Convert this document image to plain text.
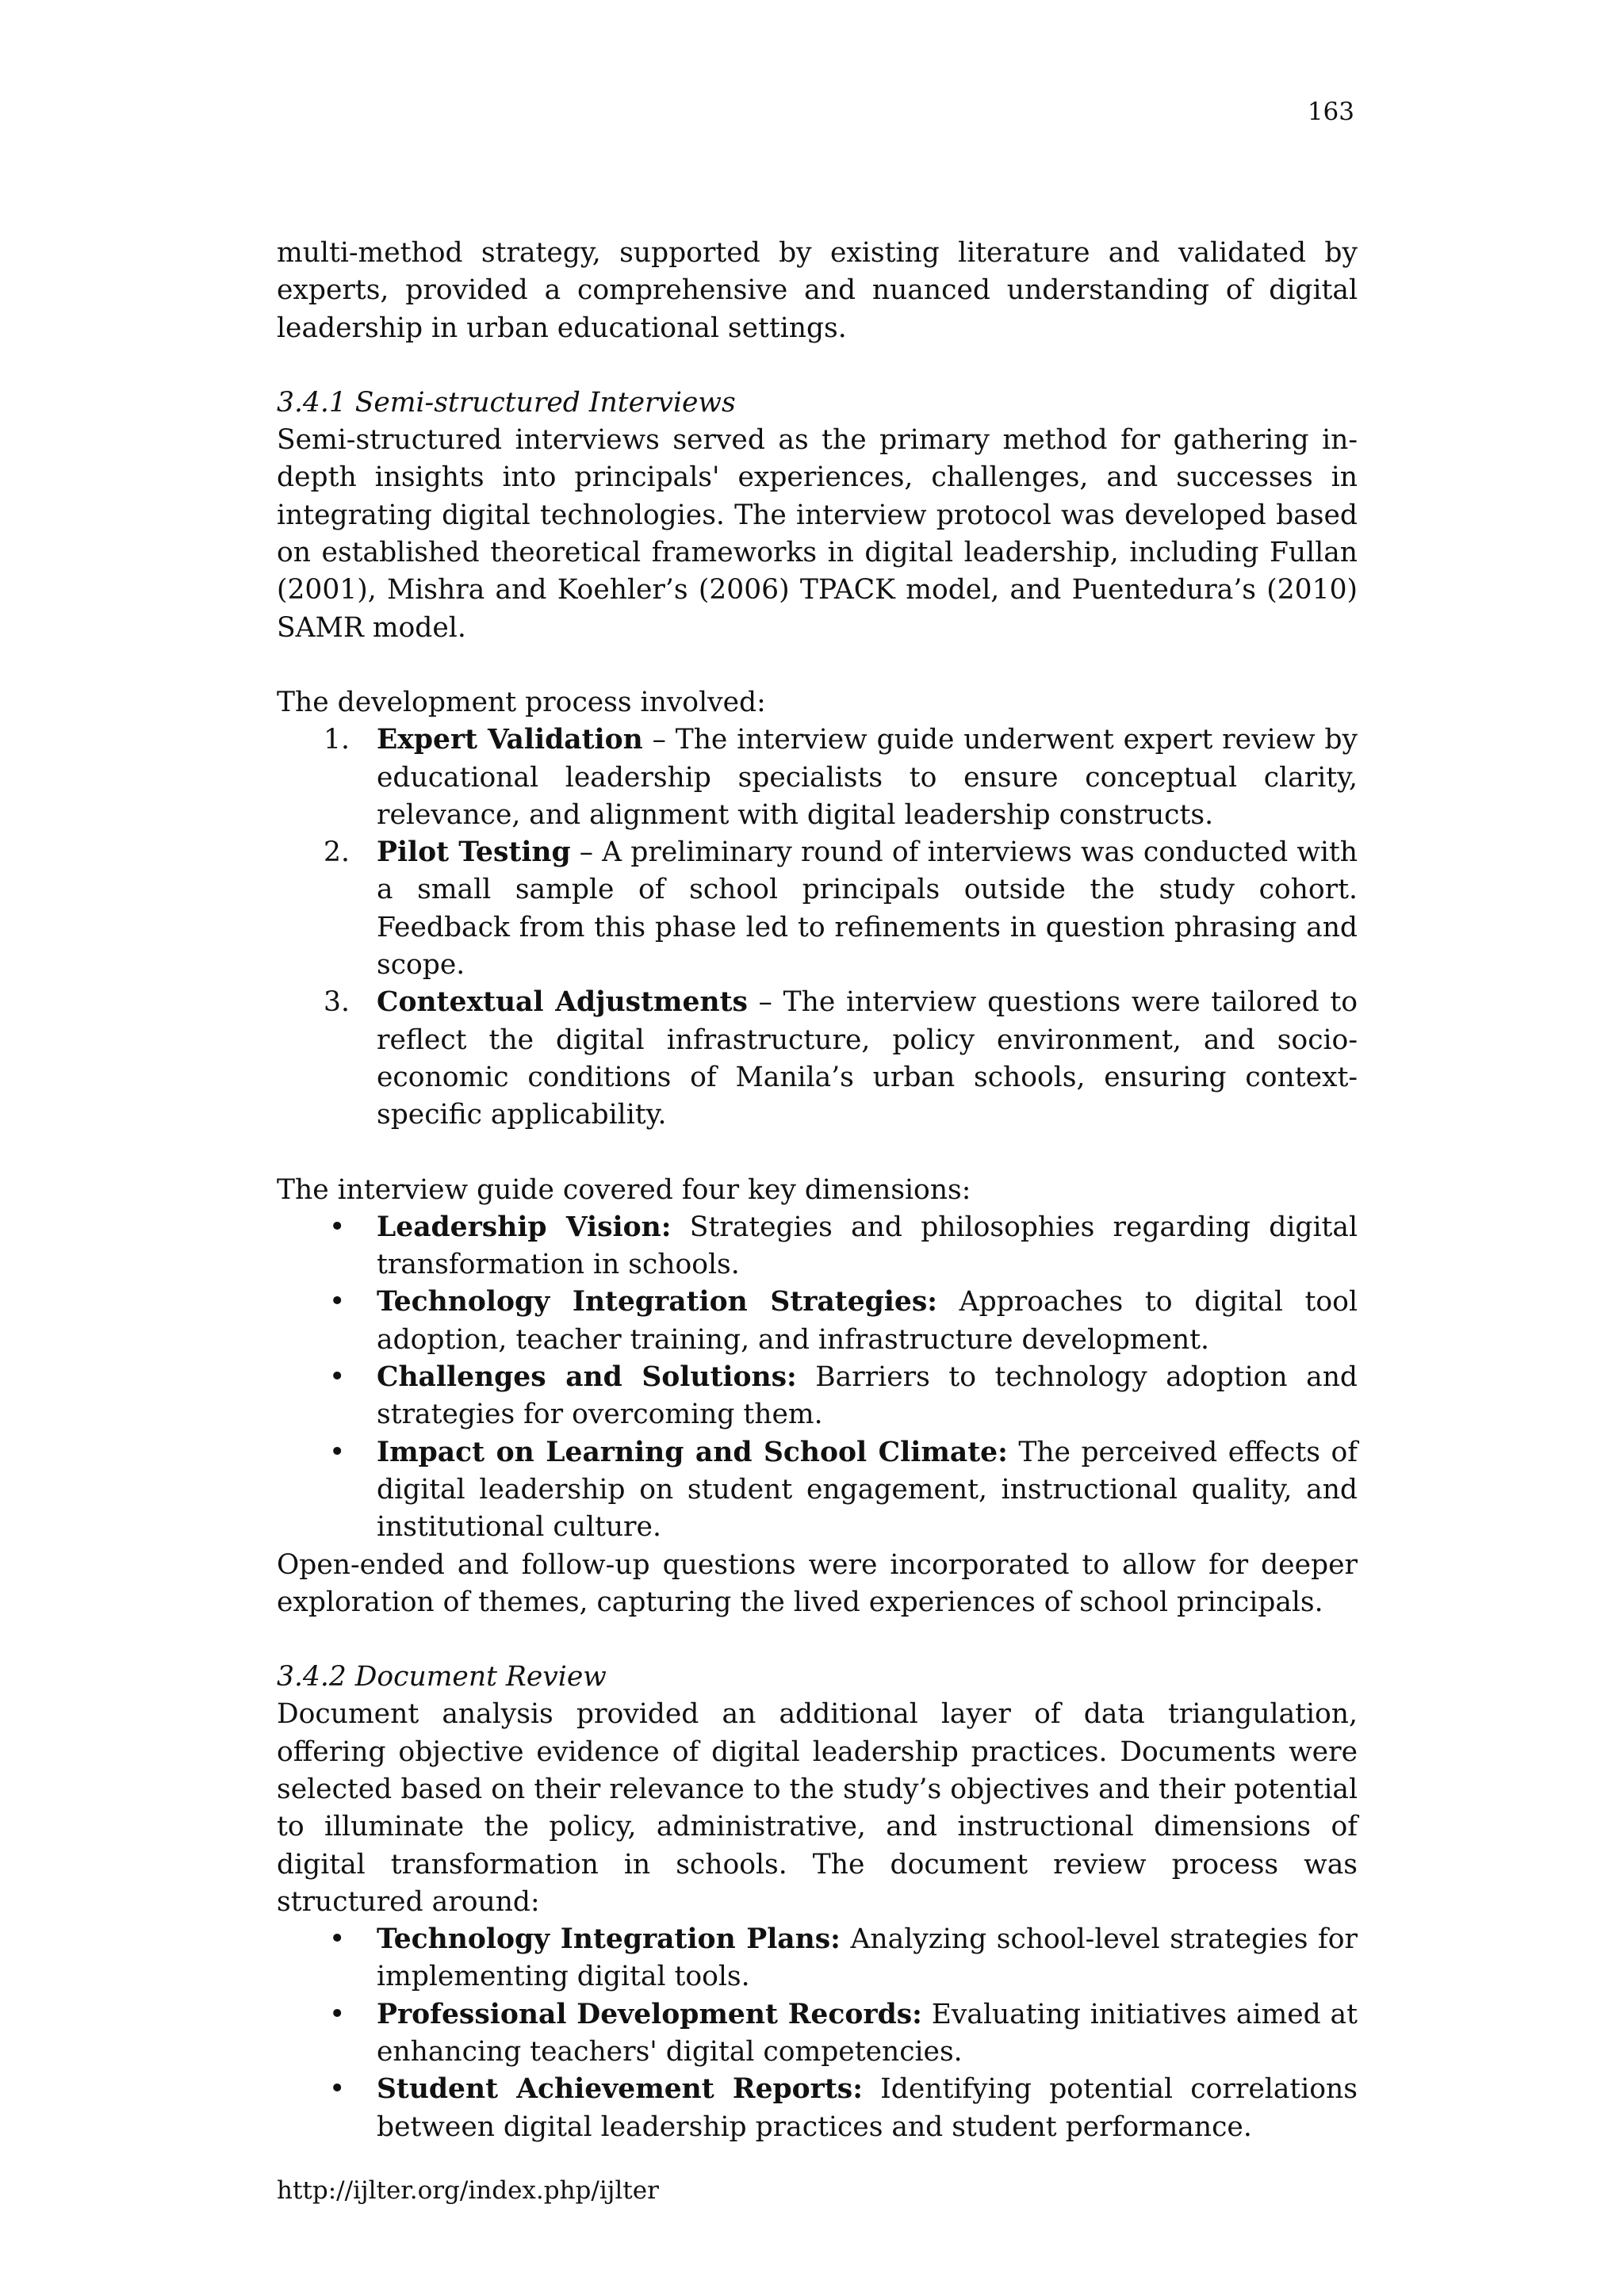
163

multi-method strategy, supported by existing literature and validated by experts, provided a comprehensive and nuanced understanding of digital leadership in urban educational settings.

3.4.1 Semi-structured Interviews

Semi-structured interviews served as the primary method for gathering in-depth insights into principals' experiences, challenges, and successes in integrating digital technologies. The interview protocol was developed based on established theoretical frameworks in digital leadership, including Fullan (2001), Mishra and Koehler’s (2006) TPACK model, and Puentedura’s (2010) SAMR model.

The development process involved:

1. Expert Validation – The interview guide underwent expert review by educational leadership specialists to ensure conceptual clarity, relevance, and alignment with digital leadership constructs.
2. Pilot Testing – A preliminary round of interviews was conducted with a small sample of school principals outside the study cohort. Feedback from this phase led to refinements in question phrasing and scope.
3. Contextual Adjustments – The interview questions were tailored to reflect the digital infrastructure, policy environment, and socio-economic conditions of Manila’s urban schools, ensuring context-specific applicability.

The interview guide covered four key dimensions:

• Leadership Vision: Strategies and philosophies regarding digital transformation in schools.
• Technology Integration Strategies: Approaches to digital tool adoption, teacher training, and infrastructure development.
• Challenges and Solutions: Barriers to technology adoption and strategies for overcoming them.
• Impact on Learning and School Climate: The perceived effects of digital leadership on student engagement, instructional quality, and institutional culture.

Open-ended and follow-up questions were incorporated to allow for deeper exploration of themes, capturing the lived experiences of school principals.

3.4.2 Document Review

Document analysis provided an additional layer of data triangulation, offering objective evidence of digital leadership practices. Documents were selected based on their relevance to the study’s objectives and their potential to illuminate the policy, administrative, and instructional dimensions of digital transformation in schools. The document review process was structured around:

• Technology Integration Plans: Analyzing school-level strategies for implementing digital tools.
• Professional Development Records: Evaluating initiatives aimed at enhancing teachers' digital competencies.
• Student Achievement Reports: Identifying potential correlations between digital leadership practices and student performance.
http://ijlter.org/index.php/ijlter
